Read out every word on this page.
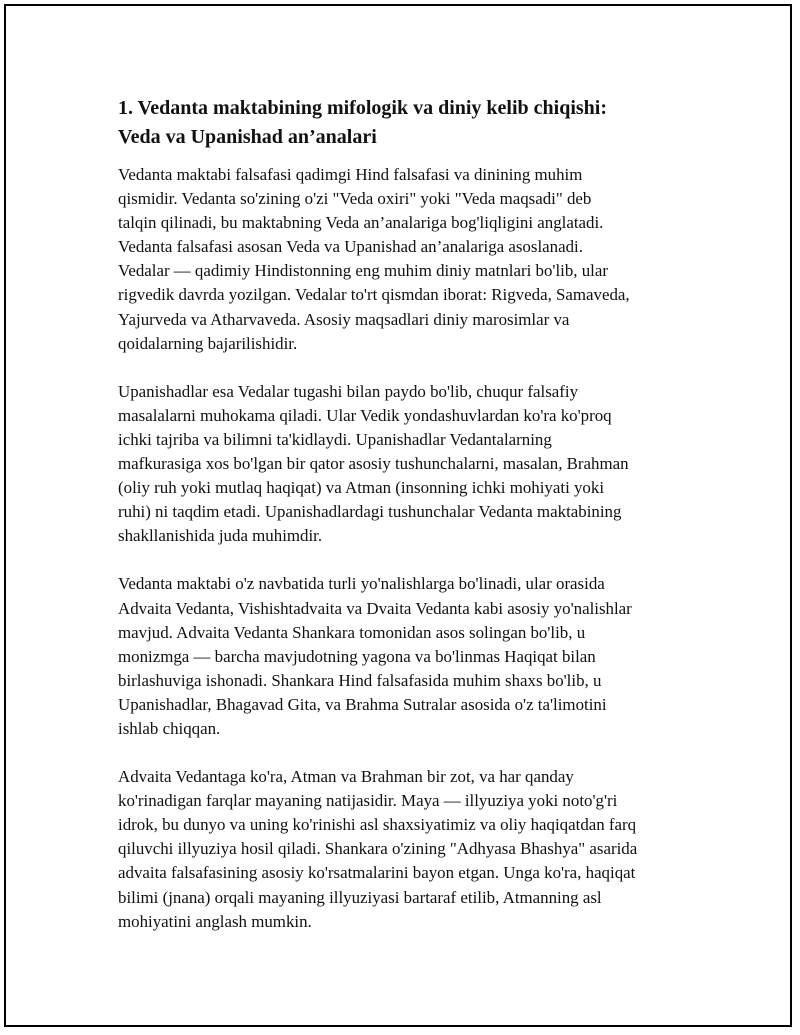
1. Vedanta maktabining mifologik va diniy kelib chiqishi:
Veda va Upanishad an’analari

Vedanta maktabi falsafasi qadimgi Hind falsafasi va dinining muhim
qismidir. Vedanta so'zining o'zi "Veda oxiri" yoki "Veda maqsadi" deb
talqin qilinadi, bu maktabning Veda an’analariga bog'liqligini anglatadi.
Vedanta falsafasi asosan Veda va Upanishad an’analariga asoslanadi.
Vedalar — qadimiy Hindistonning eng muhim diniy matnlari bo'lib, ular
rigvedik davrda yozilgan. Vedalar to'rt qismdan iborat: Rigveda, Samaveda,
Yajurveda va Atharvaveda. Asosiy maqsadlari diniy marosimlar va
qoidalarning bajarilishidir.

Upanishadlar esa Vedalar tugashi bilan paydo bo'lib, chuqur falsafiy
masalalarni muhokama qiladi. Ular Vedik yondashuvlardan ko'ra ko'proq
ichki tajriba va bilimni ta'kidlaydi. Upanishadlar Vedantalarning
mafkurasiga xos bo'lgan bir qator asosiy tushunchalarni, masalan, Brahman
(oliy ruh yoki mutlaq haqiqat) va Atman (insonning ichki mohiyati yoki
ruhi) ni taqdim etadi. Upanishadlardagi tushunchalar Vedanta maktabining
shakllanishida juda muhimdir.

Vedanta maktabi o'z navbatida turli yo'nalishlarga bo'linadi, ular orasida
Advaita Vedanta, Vishishtadvaita va Dvaita Vedanta kabi asosiy yo'nalishlar
mavjud. Advaita Vedanta Shankara tomonidan asos solingan bo'lib, u
monizmga — barcha mavjudotning yagona va bo'linmas Haqiqat bilan
birlashuviga ishonadi. Shankara Hind falsafasida muhim shaxs bo'lib, u
Upanishadlar, Bhagavad Gita, va Brahma Sutralar asosida o'z ta'limotini
ishlab chiqqan.

Advaita Vedantaga ko'ra, Atman va Brahman bir zot, va har qanday
ko'rinadigan farqlar mayaning natijasidir. Maya — illyuziya yoki noto'g'ri
idrok, bu dunyo va uning ko'rinishi asl shaxsiyatimiz va oliy haqiqatdan farq
qiluvchi illyuziya hosil qiladi. Shankara o'zining "Adhyasa Bhashya" asarida
advaita falsafasining asosiy ko'rsatmalarini bayon etgan. Unga ko'ra, haqiqat
bilimi (jnana) orqali mayaning illyuziyasi bartaraf etilib, Atmanning asl
mohiyatini anglash mumkin.
